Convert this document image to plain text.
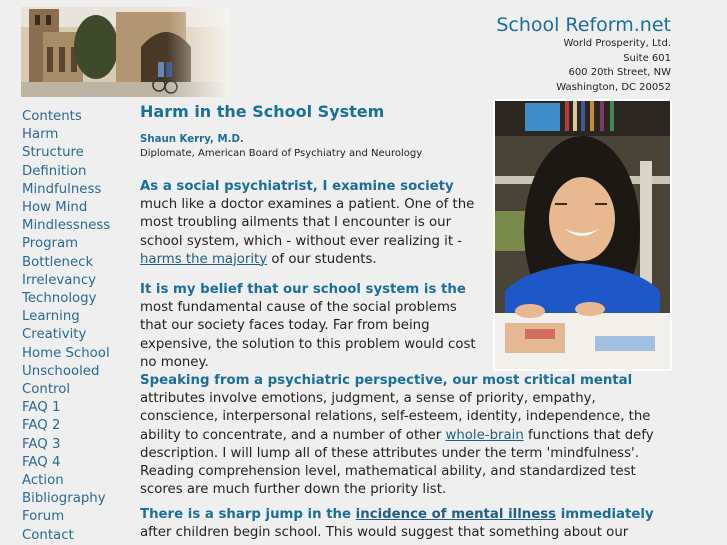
School Reform.net
World Prosperity, Ltd.
Suite 601
600 20th Street, NW
Washington, DC 20052
Contents
Harm
Structure
Definition
Mindfulness
How Mind
Mindlessness
Program
Bottleneck
Irrelevancy
Technology
Learning
Creativity
Home School
Unschooled
Control
FAQ 1
FAQ 2
FAQ 3
FAQ 4
Action
Bibliography
Forum
Contact
Harm in the School System
Shaun Kerry, M.D.
Diplomate, American Board of Psychiatry and Neurology

As a social psychiatrist, I examine society much like a doctor examines a patient. One of the most troubling ailments that I encounter is our school system, which - without ever realizing it - harms the majority of our students.

It is my belief that our school system is the most fundamental cause of the social problems that our society faces today. Far from being expensive, the solution to this problem would cost no money.

Speaking from a psychiatric perspective, our most critical mental attributes involve emotions, judgment, a sense of priority, empathy, conscience, interpersonal relations, self-esteem, identity, independence, the ability to concentrate, and a number of other whole-brain functions that defy description. I will lump all of these attributes under the term 'mindfulness'. Reading comprehension level, mathematical ability, and standardized test scores are much further down the priority list.

There is a sharp jump in the incidence of mental illness immediately after children begin school. This would suggest that something about our
